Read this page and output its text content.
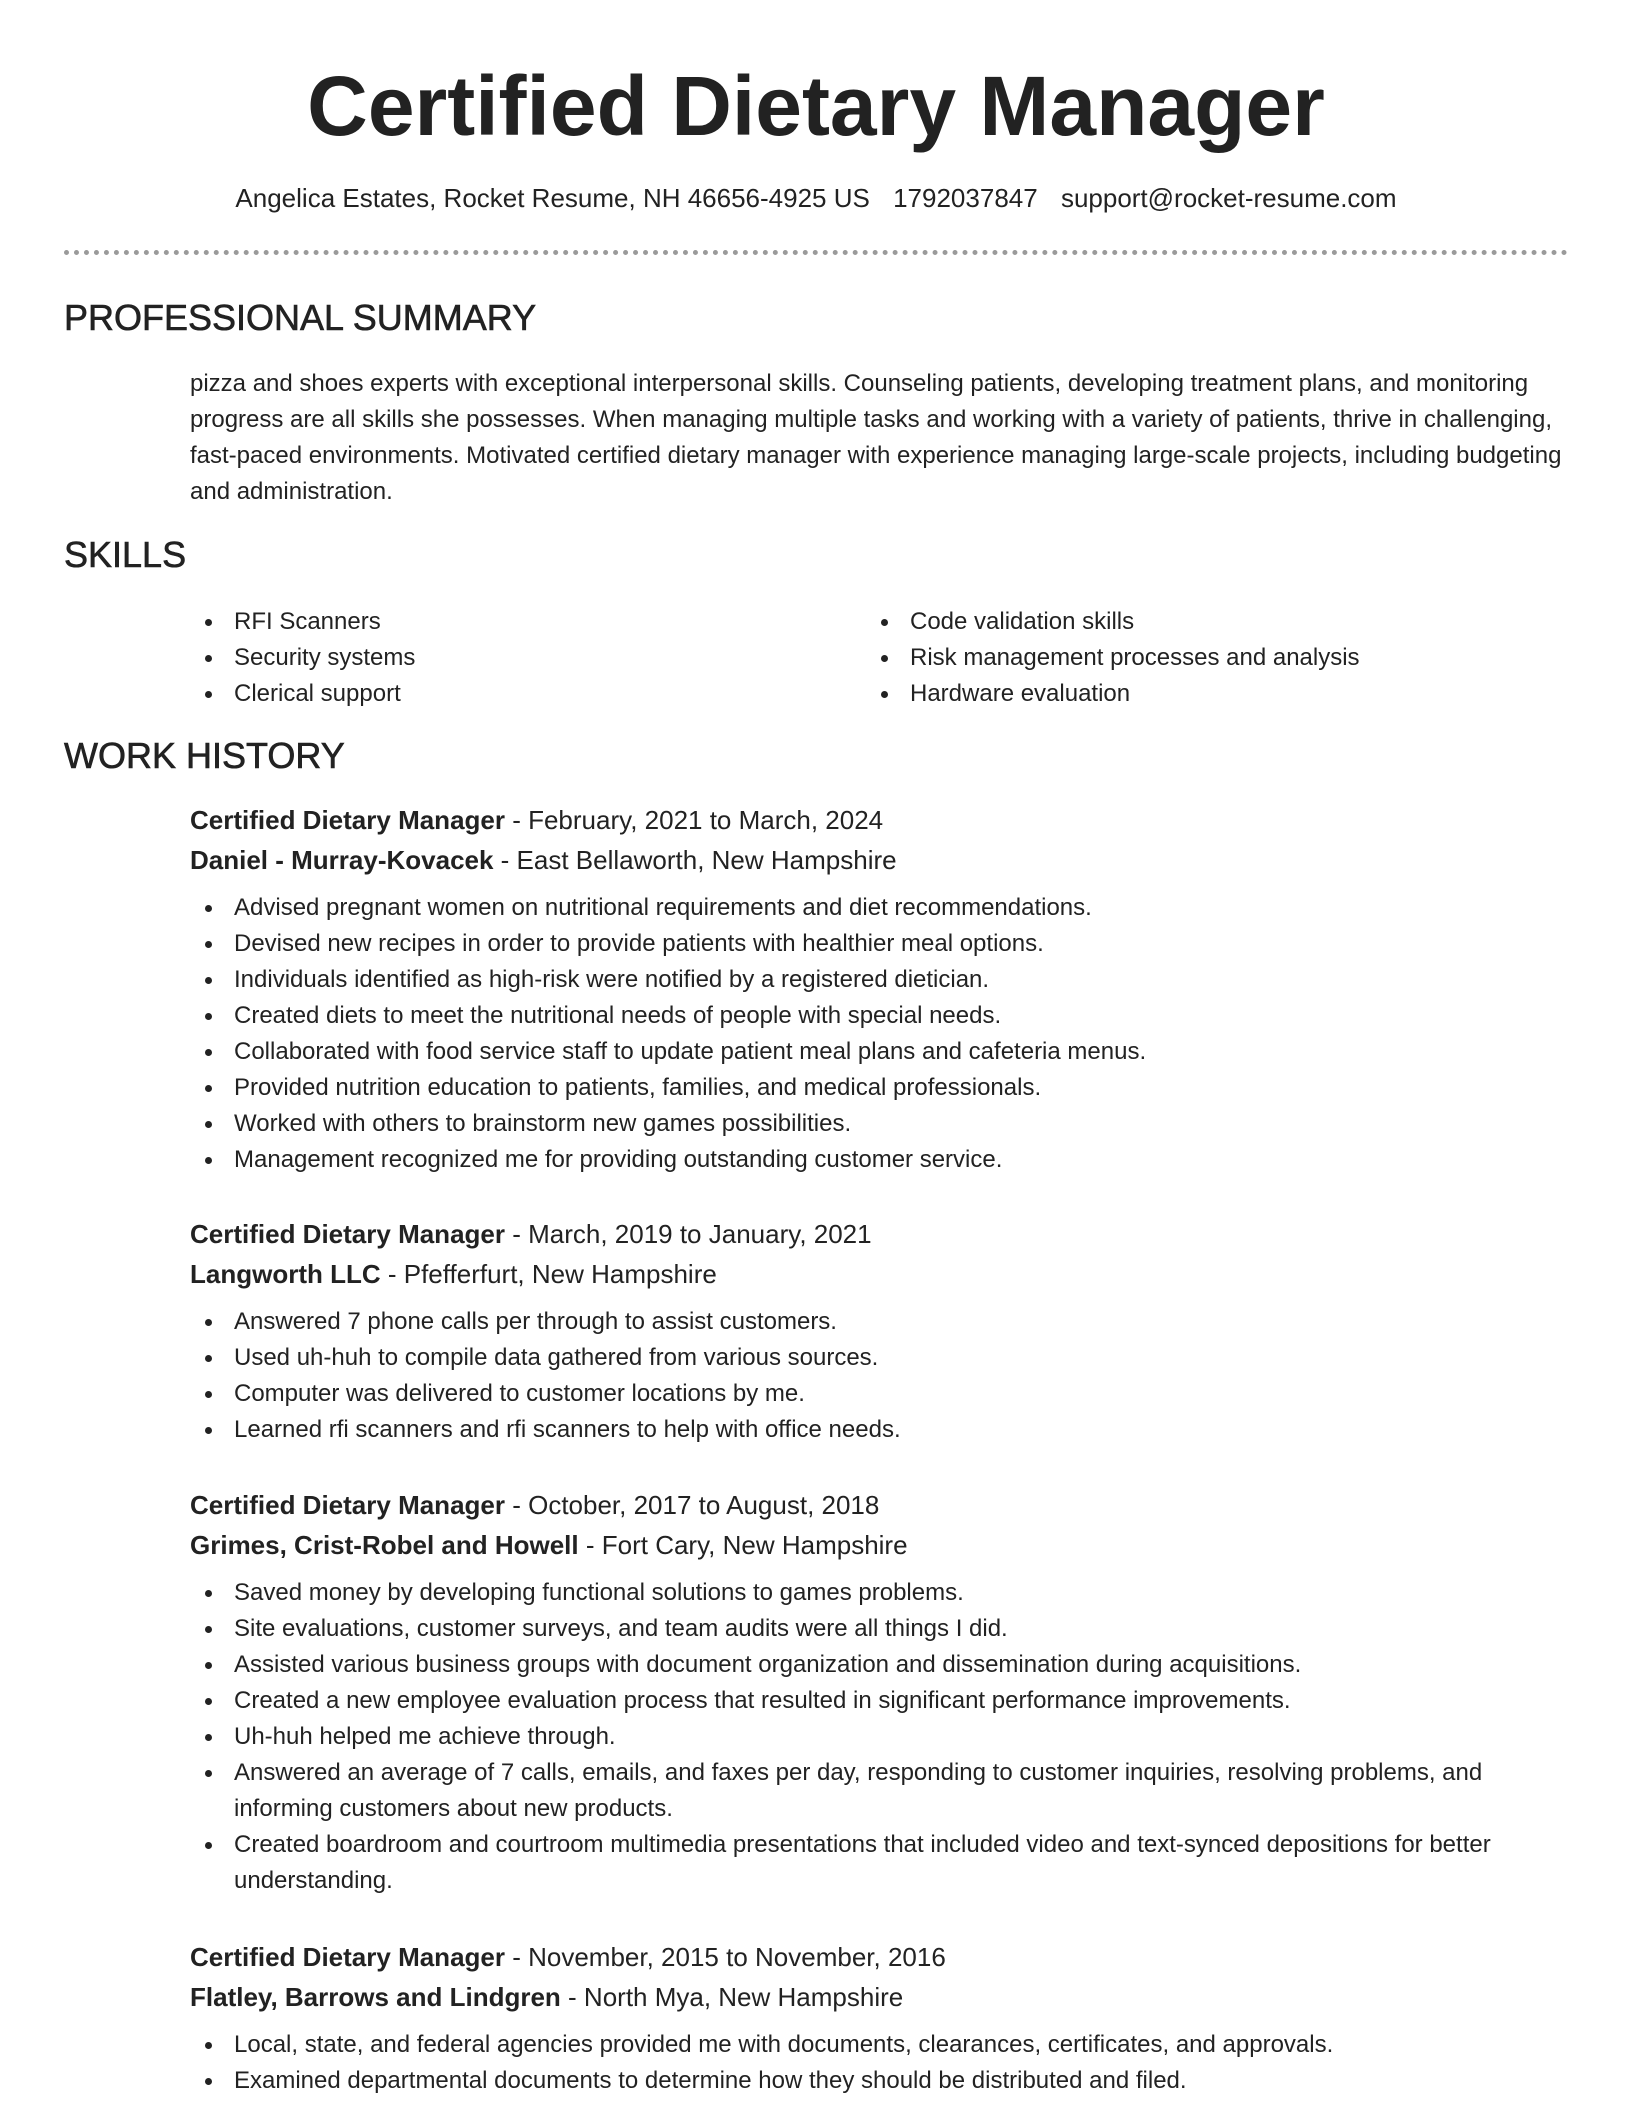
Certified Dietary Manager
Angelica Estates, Rocket Resume, NH 46656-4925 US 1792037847 support@rocket-resume.com
PROFESSIONAL SUMMARY

pizza and shoes experts with exceptional interpersonal skills. Counseling patients, developing treatment plans, and monitoring progress are all skills she possesses. When managing multiple tasks and working with a variety of patients, thrive in challenging, fast-paced environments. Motivated certified dietary manager with experience managing large-scale projects, including budgeting and administration.

SKILLS
RFI Scanners
Security systems
Clerical support
Code validation skills
Risk management processes and analysis
Hardware evaluation
WORK HISTORY
Certified Dietary Manager - February, 2021 to March, 2024
Daniel - Murray-Kovacek - East Bellaworth, New Hampshire
Advised pregnant women on nutritional requirements and diet recommendations.
Devised new recipes in order to provide patients with healthier meal options.
Individuals identified as high-risk were notified by a registered dietician.
Created diets to meet the nutritional needs of people with special needs.
Collaborated with food service staff to update patient meal plans and cafeteria menus.
Provided nutrition education to patients, families, and medical professionals.
Worked with others to brainstorm new games possibilities.
Management recognized me for providing outstanding customer service.
Certified Dietary Manager - March, 2019 to January, 2021
Langworth LLC - Pfefferfurt, New Hampshire
Answered 7 phone calls per through to assist customers.
Used uh-huh to compile data gathered from various sources.
Computer was delivered to customer locations by me.
Learned rfi scanners and rfi scanners to help with office needs.
Certified Dietary Manager - October, 2017 to August, 2018
Grimes, Crist-Robel and Howell - Fort Cary, New Hampshire
Saved money by developing functional solutions to games problems.
Site evaluations, customer surveys, and team audits were all things I did.
Assisted various business groups with document organization and dissemination during acquisitions.
Created a new employee evaluation process that resulted in significant performance improvements.
Uh-huh helped me achieve through.
Answered an average of 7 calls, emails, and faxes per day, responding to customer inquiries, resolving problems, and informing customers about new products.
Created boardroom and courtroom multimedia presentations that included video and text-synced depositions for better understanding.
Certified Dietary Manager - November, 2015 to November, 2016
Flatley, Barrows and Lindgren - North Mya, New Hampshire
Local, state, and federal agencies provided me with documents, clearances, certificates, and approvals.
Examined departmental documents to determine how they should be distributed and filed.
